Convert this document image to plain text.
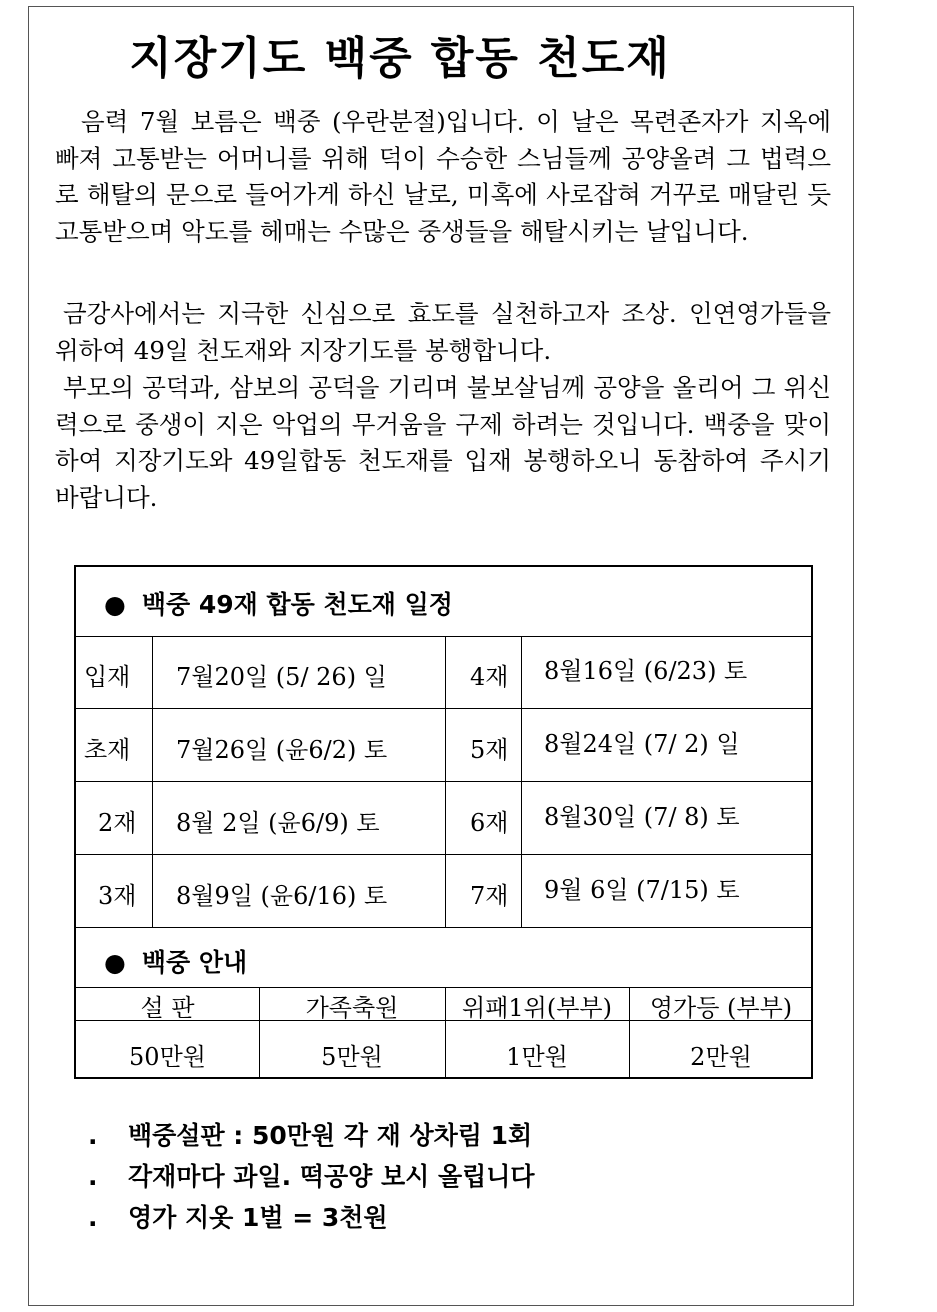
지장기도 백중 합동 천도재

음력 7월 보름은 백중 (우란분절)입니다. 이 날은 목련존자가 지옥에 빠져 고통받는 어머니를 위해 덕이 수승한 스님들께 공양올려 그 법력으로 해탈의 문으로 들어가게 하신 날로, 미혹에 사로잡혀 거꾸로 매달린 듯 고통받으며 악도를 헤매는 수많은 중생들을 해탈시키는 날입니다.

금강사에서는 지극한 신심으로 효도를 실천하고자 조상. 인연영가들을 위하여 49일 천도재와 지장기도를 봉행합니다.

부모의 공덕과, 삼보의 공덕을 기리며 불보살님께 공양을 올리어 그 위신력으로 중생이 지은 악업의 무거움을 구제 하려는 것입니다. 백중을 맞이하여 지장기도와 49일합동 천도재를 입재 봉행하오니 동참하여 주시기 바랍니다.

● 백중 49재 합동 천도재 일정
입재 7월20일 (5/ 26) 일	4재 8월16일 (6/23) 토
초재 7월26일 (윤6/2) 토	5재 8월24일 (7/ 2) 일
2재 8월 2일 (윤6/9) 토	6재 8월30일 (7/ 8) 토
3재 8월9일 (윤6/16) 토	7재 9월 6일 (7/15) 토
● 백중 안내
설 판	가족축원	위패1위(부부)	영가등 (부부)
50만원	5만원	1만원	2만원
. 백중설판 : 50만원 각 재 상차림 1회
. 각재마다 과일. 떡공양 보시 올립니다
. 영가 지옷 1벌 = 3천원
